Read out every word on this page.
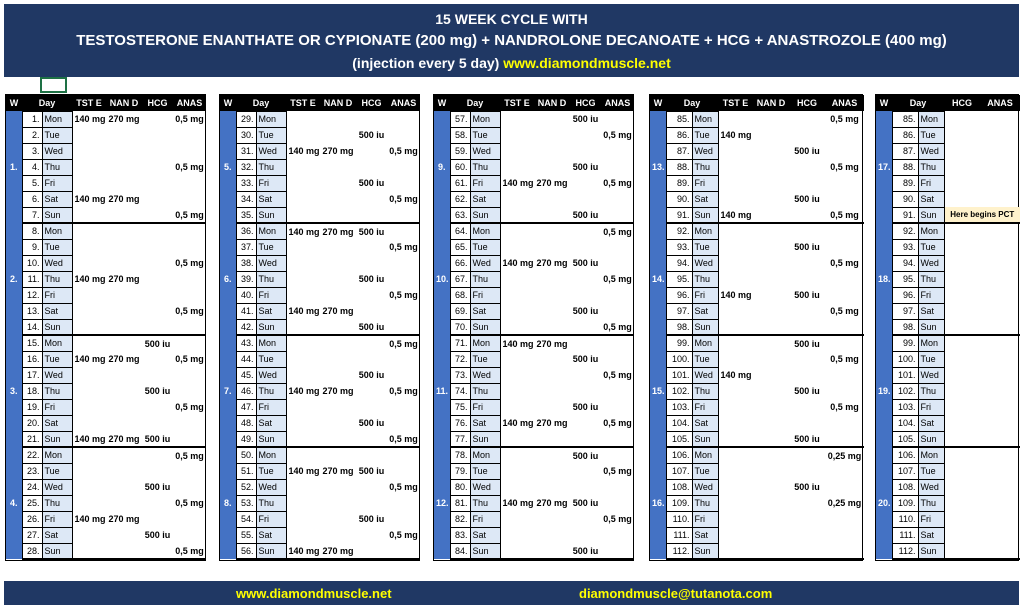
15 WEEK CYCLE WITH
TESTOSTERONE ENANTHATE OR CYPIONATE (200 mg) + NANDROLONE DECANOATE + HCG + ANASTROZOLE (400 mg)
(injection every 5 day) www.diamondmuscle.net
W	Day		TST E	NAN D	HCG	ANAS
1.	1.	Mon	140 mg	270 mg		0,5 mg
	2.	Tue				
	3.	Wed				
	4.	Thu				0,5 mg
	5.	Fri				
	6.	Sat	140 mg	270 mg		
	7.	Sun				0,5 mg
2.	8.	Mon				
	9.	Tue				
	10.	Wed				0,5 mg
	11.	Thu	140 mg	270 mg		
	12.	Fri				
	13.	Sat				0,5 mg
	14.	Sun				
3.	15.	Mon			500 iu	
	16.	Tue	140 mg	270 mg		0,5 mg
	17.	Wed				
	18.	Thu			500 iu	
	19.	Fri				0,5 mg
	20.	Sat				
	21.	Sun	140 mg	270 mg	500 iu	
4.	22.	Mon				0,5 mg
	23.	Tue				
	24.	Wed			500 iu	
	25.	Thu				0,5 mg
	26.	Fri	140 mg	270 mg		
	27.	Sat			500 iu	
	28.	Sun				0,5 mg
W	Day		TST E	NAN D	HCG	ANAS
5.	29.	Mon				
	30.	Tue			500 iu	
	31.	Wed	140 mg	270 mg		0,5 mg
	32.	Thu				
	33.	Fri			500 iu	
	34.	Sat				0,5 mg
	35.	Sun				
6.	36.	Mon	140 mg	270 mg	500 iu	
	37.	Tue				0,5 mg
	38.	Wed				
	39.	Thu			500 iu	
	40.	Fri				0,5 mg
	41.	Sat	140 mg	270 mg		
	42.	Sun			500 iu	
7.	43.	Mon				0,5 mg
	44.	Tue				
	45.	Wed			500 iu	
	46.	Thu	140 mg	270 mg		0,5 mg
	47.	Fri				
	48.	Sat			500 iu	
	49.	Sun				0,5 mg
8.	50.	Mon				
	51.	Tue	140 mg	270 mg	500 iu	
	52.	Wed				0,5 mg
	53.	Thu				
	54.	Fri			500 iu	
	55.	Sat				0,5 mg
	56.	Sun	140 mg	270 mg		
W	Day		TST E	NAN D	HCG	ANAS
9.	57.	Mon			500 iu	
	58.	Tue				0,5 mg
	59.	Wed				
	60.	Thu			500 iu	
	61.	Fri	140 mg	270 mg		0,5 mg
	62.	Sat				
	63.	Sun			500 iu	
10.	64.	Mon				0,5 mg
	65.	Tue				
	66.	Wed	140 mg	270 mg	500 iu	
	67.	Thu				0,5 mg
	68.	Fri				
	69.	Sat			500 iu	
	70.	Sun				0,5 mg
11.	71.	Mon	140 mg	270 mg		
	72.	Tue			500 iu	
	73.	Wed				0,5 mg
	74.	Thu				
	75.	Fri			500 iu	
	76.	Sat	140 mg	270 mg		0,5 mg
	77.	Sun				
12.	78.	Mon			500 iu	
	79.	Tue				0,5 mg
	80.	Wed				
	81.	Thu	140 mg	270 mg	500 iu	
	82.	Fri				0,5 mg
	83.	Sat				
	84.	Sun			500 iu	
W	Day		TST E	NAN D	HCG	ANAS
13.	85.	Mon				0,5 mg
	86.	Tue	140 mg			
	87.	Wed			500 iu	
	88.	Thu				0,5 mg
	89.	Fri				
	90.	Sat			500 iu	
	91.	Sun	140 mg			0,5 mg
14.	92.	Mon				
	93.	Tue			500 iu	
	94.	Wed				0,5 mg
	95.	Thu				
	96.	Fri	140 mg		500 iu	
	97.	Sat				0,5 mg
	98.	Sun				
15.	99.	Mon			500 iu	
	100.	Tue				0,5 mg
	101.	Wed	140 mg			
	102.	Thu			500 iu	
	103.	Fri				0,5 mg
	104.	Sat				
	105.	Sun			500 iu	
16.	106.	Mon				0,25 mg
	107.	Tue				
	108.	Wed			500 iu	
	109.	Thu				0,25 mg
	110.	Fri				
	111.	Sat				
	112.	Sun				
W	Day		HCG	ANAS
17.	85.	Mon		
	86.	Tue		
	87.	Wed		
	88.	Thu		
	89.	Fri		
	90.	Sat		
	91.	Sun	Here begins PCT	
18.	92.	Mon		
	93.	Tue		
	94.	Wed		
	95.	Thu		
	96.	Fri		
	97.	Sat		
	98.	Sun		
19.	99.	Mon		
	100.	Tue		
	101.	Wed		
	102.	Thu		
	103.	Fri		
	104.	Sat		
	105.	Sun		
20.	106.	Mon		
	107.	Tue		
	108.	Wed		
	109.	Thu		
	110.	Fri		
	111.	Sat		
	112.	Sun		
www.diamondmuscle.net	diamondmuscle@tutanota.com
